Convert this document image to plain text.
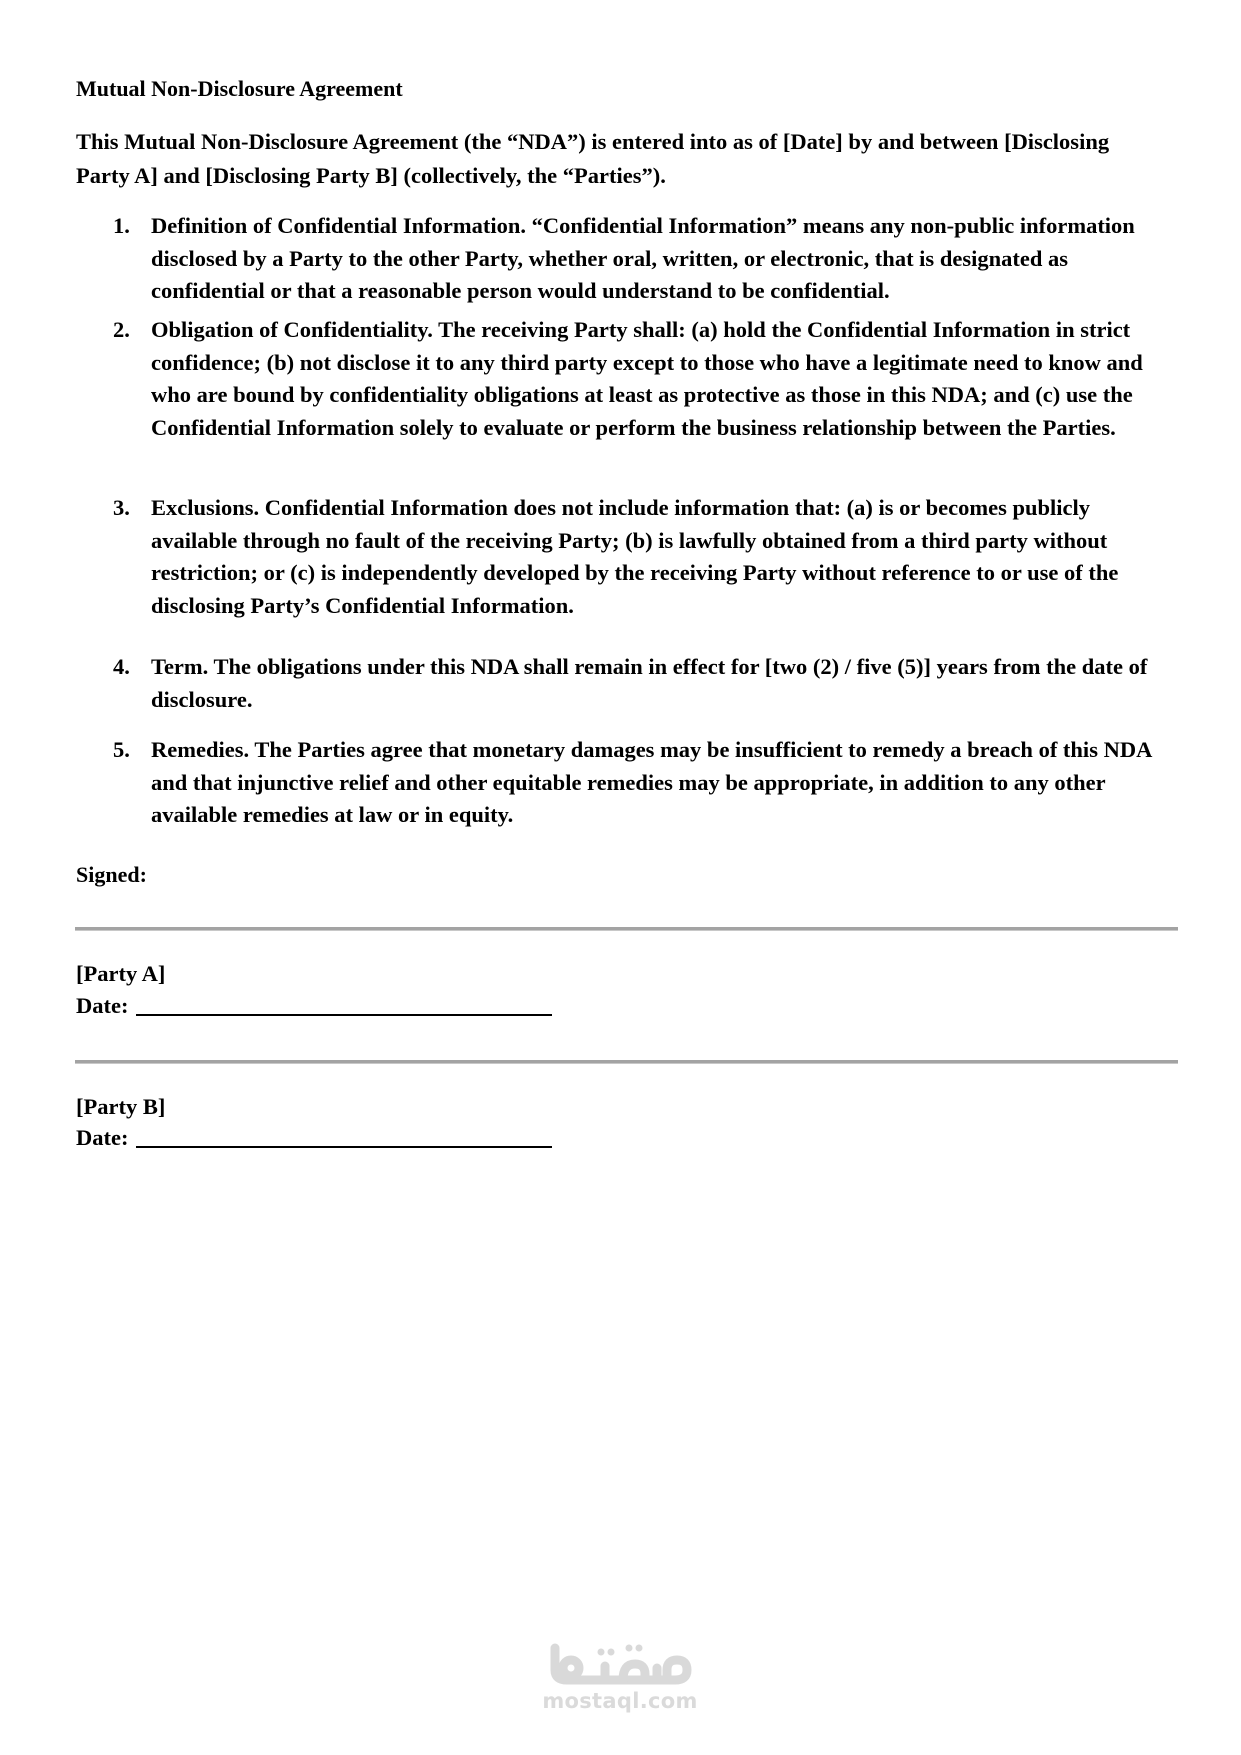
Mutual Non-Disclosure Agreement
This Mutual Non-Disclosure Agreement (the “NDA”) is entered into as of [Date] by and between [Disclosing Party A] and [Disclosing Party B] (collectively, the “Parties”).
1. Definition of Confidential Information. “Confidential Information” means any non-public information disclosed by a Party to the other Party, whether oral, written, or electronic, that is designated as confidential or that a reasonable person would understand to be confidential.
2. Obligation of Confidentiality. The receiving Party shall: (a) hold the Confidential Information in strict confidence; (b) not disclose it to any third party except to those who have a legitimate need to know and who are bound by confidentiality obligations at least as protective as those in this NDA; and (c) use the Confidential Information solely to evaluate or perform the business relationship between the Parties.
3. Exclusions. Confidential Information does not include information that: (a) is or becomes publicly available through no fault of the receiving Party; (b) is lawfully obtained from a third party without restriction; or (c) is independently developed by the receiving Party without reference to or use of the disclosing Party’s Confidential Information.
4. Term. The obligations under this NDA shall remain in effect for [two (2) / five (5)] years from the date of disclosure.
5. Remedies. The Parties agree that monetary damages may be insufficient to remedy a breach of this NDA and that injunctive relief and other equitable remedies may be appropriate, in addition to any other available remedies at law or in equity.
Signed:
[Party A]
Date:
[Party B]
Date:
mostaql.com
